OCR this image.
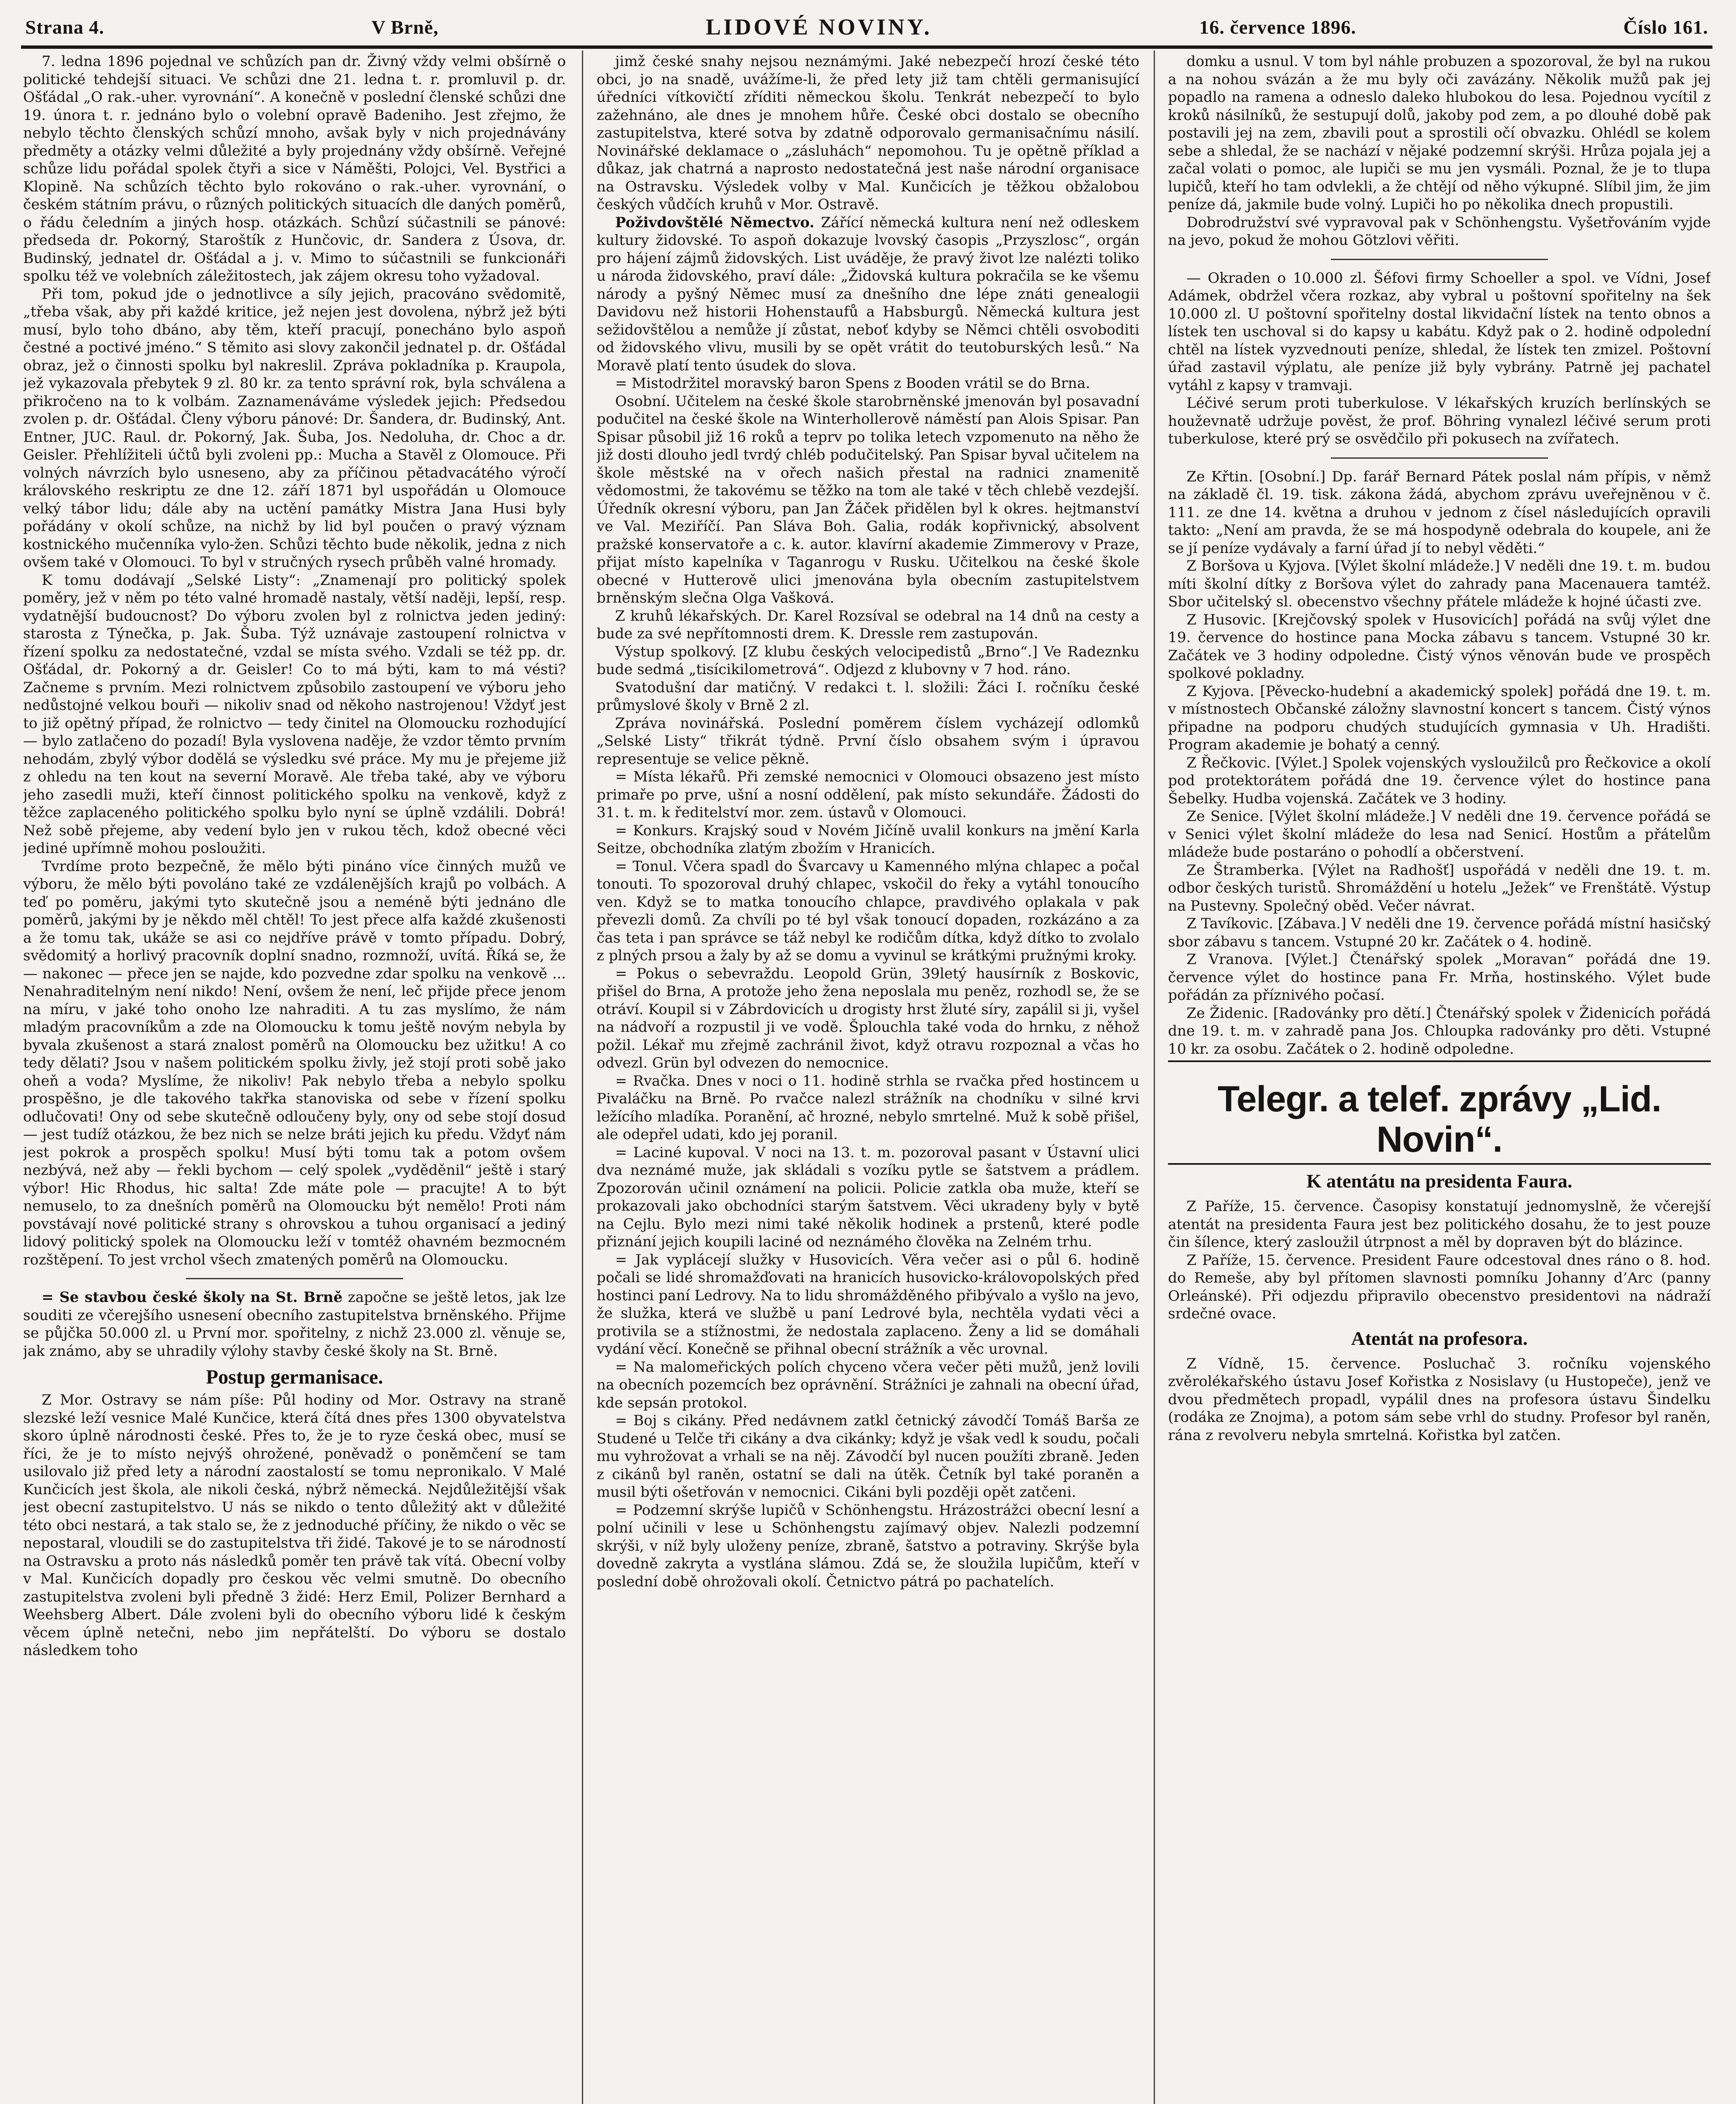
Strana 4.	V Brně,	LIDOVÉ NOVINY.	16. července 1896.	Číslo 161.

7. ledna 1896 pojednal ve schůzích pan dr. Živný vždy velmi obšírně o politické tehdejší situaci. Ve schůzi dne 21. ledna t. r. promluvil p. dr. Ošťádal „O rak.-uher. vyrovnání“. A konečně v poslední členské schůzi dne 19. února t. r. jednáno bylo o volební opravě Badeniho. Jest zřejmo, že nebylo těchto členských schůzí mnoho, avšak byly v nich projednávány předměty a otázky velmi důležité a byly projednány vždy obšírně. Veřejné schůze lidu pořádal spolek čtyři a sice v Náměšti, Polojci, Vel. Bystřici a Klopině. Na schůzích těchto bylo rokováno o rak.-uher. vyrovnání, o českém státním právu, o různých politických situacích dle daných poměrů, o řádu čeledním a jiných hosp. otázkách. Schůzí súčastnili se pánové: předseda dr. Pokorný, Staroštík z Hunčovic, dr. Sandera z Úsova, dr. Budinský, jednatel dr. Ošťádal a j. v. Mimo to súčastnili se funkcionáři spolku též ve volebních záležitostech, jak zájem okresu toho vyžadoval.

Při tom, pokud jde o jednotlivce a síly jejich, pracováno svědomitě, „třeba však, aby při každé kritice, jež nejen jest dovolena, nýbrž jež býti musí, bylo toho dbáno, aby těm, kteří pracují, ponecháno bylo aspoň čestné a poctivé jméno.“ S těmito asi slovy zakončil jednatel p. dr. Ošťádal obraz, jež o činnosti spolku byl nakreslil. Zpráva pokladníka p. Kraupola, jež vykazovala přebytek 9 zl. 80 kr. za tento správní rok, byla schválena a přikročeno na to k volbám. Zaznamenáváme výsledek jejich: Předsedou zvolen p. dr. Ošťádal. Členy výboru pánové: Dr. Šandera, dr. Budinský, Ant. Entner, JUC. Raul. dr. Pokorný, Jak. Šuba, Jos. Nedoluha, dr. Choc a dr. Geisler. Přehlížiteli účtů byli zvoleni pp.: Mucha a Stavěl z Olomouce. Při volných návrzích bylo usneseno, aby za příčinou pětadvacátého výročí královského reskriptu ze dne 12. září 1871 byl uspořádán u Olomouce velký tábor lidu; dále aby na uctění památky Mistra Jana Husi byly pořádány v okolí schůze, na nichž by lid byl poučen o pravý význam kostnického mučenníka vylo-žen. Schůzi těchto bude několik, jedna z nich ovšem také v Olomouci. To byl v stručných rysech průběh valné hromady.

K tomu dodávají „Selské Listy“: „Znamenají pro politický spolek poměry, jež v něm po této valné hromadě nastaly, větší naději, lepší, resp. vydatnější budoucnost? Do výboru zvolen byl z rolnictva jeden jediný: starosta z Týnečka, p. Jak. Šuba. Týž uznávaje zastoupení rolnictva v řízení spolku za nedostatečné, vzdal se místa svého. Vzdali se též pp. dr. Ošťádal, dr. Pokorný a dr. Geisler! Co to má býti, kam to má vésti? Začneme s prvním. Mezi rolnictvem způsobilo zastoupení ve výboru jeho nedůstojné velkou bouři — nikoliv snad od někoho nastrojenou! Vždyť jest to již opětný případ, že rolnictvo — tedy činitel na Olomoucku rozhodující — bylo zatlačeno do pozadí! Byla vyslovena naděje, že vzdor těmto prvním nehodám, zbylý výbor dodělá se výsledku své práce. My mu je přejeme již z ohledu na ten kout na severní Moravě. Ale třeba také, aby ve výboru jeho zasedli muži, kteří činnost politického spolku na venkově, když z těžce zaplaceného politického spolku bylo nyní se úplně vzdálili. Dobrá! Než sobě přejeme, aby vedení bylo jen v rukou těch, kdož obecné věci jediné upřímně mohou posloužiti.

Tvrdíme proto bezpečně, že mělo býti pináno více činných mužů ve výboru, že mělo býti povoláno také ze vzdálenějších krajů po volbách. A teď po poměru, jakými tyto skutečně jsou a neméně býti jednáno dle poměrů, jakými by je někdo měl chtěl! To jest přece alfa každé zkušenosti a že tomu tak, ukáže se asi co nejdříve právě v tomto případu. Dobrý, svědomitý a horlivý pracovník doplní snadno, rozmnoží, uvítá. Říká se, že — nakonec — přece jen se najde, kdo pozvedne zdar spolku na venkově ... Nenahraditelným není nikdo! Není, ovšem že není, leč přijde přece jenom na míru, v jaké toho onoho lze nahraditi. A tu zas myslímo, že nám mladým pracovníkům a zde na Olomoucku k tomu ještě novým nebyla by byvala zkušenost a stará znalost poměrů na Olomoucku bez užitku! A co tedy dělati? Jsou v našem politickém spolku živly, jež stojí proti sobě jako oheň a voda? Myslíme, že nikoliv! Pak nebylo třeba a nebylo spolku prospěšno, je dle takového takřka stanoviska od sebe v řízení spolku odlučovati! Ony od sebe skutečně odloučeny byly, ony od sebe stojí dosud — jest tudíž otázkou, že bez nich se nelze bráti jejich ku předu. Vždyť nám jest pokrok a prospěch spolku! Musí býti tomu tak a potom ovšem nezbývá, než aby — řekli bychom — celý spolek „vyděděnil“ ještě i starý výbor! Hic Rhodus, hic salta! Zde máte pole — pracujte! A to být nemuselo, to za dnešních poměrů na Olomoucku být nemělo! Proti nám povstávají nové politické strany s ohrovskou a tuhou organisací a jediný lidový politický spolek na Olomoucku leží v tomtéž ohavném bezmocném rozštěpení. To jest vrchol všech zmatených poměrů na Olomoucku.

= Se stavbou české školy na St. Brně započne se ještě letos, jak lze souditi ze včerejšího usnesení obecního zastupitelstva brněnského. Přijme se půjčka 50.000 zl. u První mor. spořitelny, z nichž 23.000 zl. věnuje se, jak známo, aby se uhradily výlohy stavby české školy na St. Brně.

Postup germanisace.

Z Mor. Ostravy se nám píše: Půl hodiny od Mor. Ostravy na straně slezské leží vesnice Malé Kunčice, která čítá dnes přes 1300 obyvatelstva skoro úplně národnosti české. Přes to, že je to ryze česká obec, musí se říci, že je to místo nejvýš ohrožené, poněvadž o poněmčení se tam usilovalo již před lety a národní zaostalostí se tomu nepronikalo. V Malé Kunčicích jest škola, ale nikoli česká, nýbrž německá. Nejdůležitější však jest obecní zastupitelstvo. U nás se nikdo o tento důležitý akt v důležité této obci nestará, a tak stalo se, že z jednoduché příčiny, že nikdo o věc se nepostaral, vloudili se do zastupitelstva tři židé. Takové je to se národností na Ostravsku a proto nás následků poměr ten právě tak vítá. Obecní volby v Mal. Kunčicích dopadly pro českou věc velmi smutně. Do obecního zastupitelstva zvoleni byli předně 3 židé: Herz Emil, Polizer Bernhard a Weehsberg Albert. Dále zvoleni byli do obecního výboru lidé k českým věcem úplně netečni, nebo jim nepřátelští. Do výboru se dostalo následkem toho

jimž české snahy nejsou neznámými. Jaké nebezpečí hrozí české této obci, jo na snadě, uvážíme-li, že před lety již tam chtěli germanisující úředníci vítkovičtí zříditi německou školu. Tenkrát nebezpečí to bylo zažehnáno, ale dnes je mnohem hůře. České obci dostalo se obecního zastupitelstva, které sotva by zdatně odporovalo germanisačnímu násilí. Novinářské deklamace o „zásluhách“ nepomohou. Tu je opětně příklad a důkaz, jak chatrná a naprosto nedostatečná jest naše národní organisace na Ostravsku. Výsledek volby v Mal. Kunčicích je těžkou obžalobou českých vůdčích kruhů v Mor. Ostravě.

Poživdovštělé Němectvo. Zářící německá kultura není než odleskem kultury židovské. To aspoň dokazuje lvovský časopis „Przyszlosc“, orgán pro hájení zájmů židovských. List uváděje, že pravý život lze nalézti toliko u národa židovského, praví dále: „Židovská kultura pokračila se ke všemu národy a pyšný Němec musí za dnešního dne lépe znáti genealogii Davidovu než historii Hohenstaufů a Habsburgů. Německá kultura jest sežidovštělou a nemůže jí zůstat, neboť kdyby se Němci chtěli osvoboditi od židovského vlivu, musili by se opět vrátit do teutoburských lesů.“ Na Moravě platí tento úsudek do slova.

= Mistodržitel moravský baron Spens z Booden vrátil se do Brna.

Osobní. Učitelem na české škole starobrněnské jmenován byl posavadní podučitel na české škole na Winterhollerově náměstí pan Alois Spisar. Pan Spisar působil již 16 roků a teprv po tolika letech vzpomenuto na něho že již dosti dlouho jedl tvrdý chléb podučitelský. Pan Spisar byval učitelem na škole městské na v ořech našich přestal na radnici znamenitě vědomostmi, že takovému se těžko na tom ale také v těch chlebě vezdejší. Úředník okresní výboru, pan Jan Žáček přidělen byl k okres. hejtmanství ve Val. Meziříčí. Pan Sláva Boh. Galia, rodák kopřivnický, absolvent pražské konservatoře a c. k. autor. klavírní akademie Zimmerovy v Praze, přijat místo kapelníka v Taganrogu v Rusku. Učitelkou na české škole obecné v Hutterově ulici jmenována byla obecním zastupitelstvem brněnským slečna Olga Vašková.

Z kruhů lékařských. Dr. Karel Rozsíval se odebral na 14 dnů na cesty a bude za své nepřítomnosti drem. K. Dressle rem zastupován.

Výstup spolkový. [Z klubu českých velocipedistů „Brno“.] Ve Radeznku bude sedmá „tisícikilometrová“. Odjezd z klubovny v 7 hod. ráno.

Svatodušní dar matičný. V redakci t. l. složili: Žáci I. ročníku české průmyslové školy v Brně 2 zl.

Zpráva novinářská. Poslední poměrem číslem vycházejí odlomků „Selské Listy“ třikrát týdně. První číslo obsahem svým i úpravou representuje se velice pěkně.

= Místa lékařů. Při zemské nemocnici v Olomouci obsazeno jest místo primaře po prve, ušní a nosní oddělení, pak místo sekundáře. Žádosti do 31. t. m. k ředitelství mor. zem. ústavů v Olomouci.

= Konkurs. Krajský soud v Novém Jičíně uvalil konkurs na jmění Karla Seitze, obchodníka zlatým zbožím v Hranicích.

= Tonul. Včera spadl do Švarcavy u Kamenného mlýna chlapec a počal tonouti. To spozoroval druhý chlapec, vskočil do řeky a vytáhl tonoucího ven. Když se to matka tonoucího chlapce, pravdivého oplakala v pak převezli domů. Za chvíli po té byl však tonoucí dopaden, rozkázáno a za čas teta i pan správce se táž nebyl ke rodičům dítka, když dítko to zvolalo z plných prsou a žaly by až se domu a vyvinul se krátkými pružnými kroky.

= Pokus o sebevraždu. Leopold Grün, 39letý hausírník z Boskovic, přišel do Brna, A protože jeho žena neposlala mu peněz, rozhodl se, že se otráví. Koupil si v Zábrdovicích u drogisty hrst žluté síry, zapálil si ji, vyšel na nádvoří a rozpustil ji ve vodě. Šplouchla také voda do hrnku, z něhož požil. Lékař mu zřejmě zachránil život, když otravu rozpoznal a včas ho odvezl. Grün byl odvezen do nemocnice.

= Rvačka. Dnes v noci o 11. hodině strhla se rvačka před hostincem u Pivaláčku na Brně. Po rvačce nalezl strážník na chodníku v silné krvi ležícího mladíka. Poranění, ač hrozné, nebylo smrtelné. Muž k sobě přišel, ale odepřel udati, kdo jej poranil.

= Laciné kupoval. V noci na 13. t. m. pozoroval pasant v Ústavní ulici dva neznámé muže, jak skládali s vozíku pytle se šatstvem a prádlem. Zpozorován učinil oznámení na policii. Policie zatkla oba muže, kteří se prokazovali jako obchodníci starým šatstvem. Věci ukradeny byly v bytě na Cejlu. Bylo mezi nimi také několik hodinek a prstenů, které podle přiznání jejich koupili laciné od neznámého člověka na Zelném trhu.

= Jak vyplácejí služky v Husovicích. Věra večer asi o půl 6. hodině počali se lidé shromažďovati na hranicích husovicko-královopolských před hostinci paní Ledrovy. Na to lidu shromážděného přibývalo a vyšlo na jevo, že služka, která ve službě u paní Ledrové byla, nechtěla vydati věci a protivila se a stížnostmi, že nedostala zaplaceno. Ženy a lid se domáhali vydání věcí. Konečně se přihnal obecní strážník a věc urovnal.

= Na malomeřických polích chyceno včera večer pěti mužů, jenž lovili na obecních pozemcích bez oprávnění. Strážníci je zahnali na obecní úřad, kde sepsán protokol.

= Boj s cikány. Před nedávnem zatkl četnický závodčí Tomáš Barša ze Studené u Telče tři cikány a dva cikánky; když je však vedl k soudu, počali mu vyhrožovat a vrhali se na něj. Závodčí byl nucen použíti zbraně. Jeden z cikánů byl raněn, ostatní se dali na útěk. Četník byl také poraněn a musil býti ošetřován v nemocnici. Cikáni byli později opět zatčeni.

= Podzemní skrýše lupičů v Schönhengstu. Hrázostrážci obecní lesní a polní učinili v lese u Schönhengstu zajímavý objev. Nalezli podzemní skrýši, v níž byly uloženy peníze, zbraně, šatstvo a potraviny. Skrýše byla dovedně zakryta a vystlána slámou. Zdá se, že sloužila lupičům, kteří v poslední době ohrožovali okolí. Četnictvo pátrá po pachatelích.

domku a usnul. V tom byl náhle probuzen a spozoroval, že byl na rukou a na nohou svázán a že mu byly oči zavázány. Několik mužů pak jej popadlo na ramena a odneslo daleko hlubokou do lesa. Pojednou vycítil z kroků násilníků, že sestupují dolů, jakoby pod zem, a po dlouhé době pak postavili jej na zem, zbavili pout a sprostili očí obvazku. Ohlédl se kolem sebe a shledal, že se nachází v nějaké podzemní skrýši. Hrůza pojala jej a začal volati o pomoc, ale lupiči se mu jen vysmáli. Poznal, že je to tlupa lupičů, kteří ho tam odvlekli, a že chtějí od něho výkupné. Slíbil jim, že jim peníze dá, jakmile bude volný. Lupiči ho po několika dnech propustili.

Dobrodružství své vypravoval pak v Schönhengstu. Vyšetřováním vyjde na jevo, pokud že mohou Götzlovi věřiti.

— Okraden o 10.000 zl. Šéfovi firmy Schoeller a spol. ve Vídni, Josef Adámek, obdržel včera rozkaz, aby vybral u poštovní spořitelny na šek 10.000 zl. U poštovní spořitelny dostal likvidační lístek na tento obnos a lístek ten uschoval si do kapsy u kabátu. Když pak o 2. hodině odpolední chtěl na lístek vyzvednouti peníze, shledal, že lístek ten zmizel. Poštovní úřad zastavil výplatu, ale peníze již byly vybrány. Patrně jej pachatel vytáhl z kapsy v tramvaji.

Léčivé serum proti tuberkulose. V lékařských kruzích berlínských se houževnatě udržuje pověst, že prof. Böhring vynalezl léčivé serum proti tuberkulose, které prý se osvědčilo při pokusech na zvířatech.

Ze Křtin. [Osobní.] Dp. farář Bernard Pátek poslal nám přípis, v němž na základě čl. 19. tisk. zákona žádá, abychom zprávu uveřejněnou v č. 111. ze dne 14. května a druhou v jednom z čísel následujících opravili takto: „Není am pravda, že se má hospodyně odebrala do koupele, ani že se jí peníze vydávaly a farní úřad jí to nebyl věděti.“

Z Boršova u Kyjova. [Výlet školní mládeže.] V neděli dne 19. t. m. budou míti školní dítky z Boršova výlet do zahrady pana Macenauera tamtéž. Sbor učitelský sl. obecenstvo všechny přátele mládeže k hojné účasti zve.

Z Husovic. [Krejčovský spolek v Husovicích] pořádá na svůj výlet dne 19. července do hostince pana Mocka zábavu s tancem. Vstupné 30 kr. Začátek ve 3 hodiny odpoledne. Čistý výnos věnován bude ve prospěch spolkové pokladny.

Z Kyjova. [Pěvecko-hudební a akademický spolek] pořádá dne 19. t. m. v místnostech Občanské záložny slavnostní koncert s tancem. Čistý výnos připadne na podporu chudých studujících gymnasia v Uh. Hradišti. Program akademie je bohatý a cenný.

Z Řečkovic. [Výlet.] Spolek vojenských vysloužilců pro Řečkovice a okolí pod protektorátem pořádá dne 19. července výlet do hostince pana Šebelky. Hudba vojenská. Začátek ve 3 hodiny.

Ze Senice. [Výlet školní mládeže.] V neděli dne 19. července pořádá se v Senici výlet školní mládeže do lesa nad Senicí. Hostům a přátelům mládeže bude postaráno o pohodlí a občerstvení.

Ze Štramberka. [Výlet na Radhošť] uspořádá v neděli dne 19. t. m. odbor českých turistů. Shromáždění u hotelu „Ježek“ ve Frenštátě. Výstup na Pustevny. Společný oběd. Večer návrat.

Z Tavíkovic. [Zábava.] V neděli dne 19. července pořádá místní hasičský sbor zábavu s tancem. Vstupné 20 kr. Začátek o 4. hodině.

Z Vranova. [Výlet.] Čtenářský spolek „Moravan“ pořádá dne 19. července výlet do hostince pana Fr. Mrňa, hostinského. Výlet bude pořádán za příznivého počasí.

Ze Židenic. [Radovánky pro dětí.] Čtenářský spolek v Židenicích pořádá dne 19. t. m. v zahradě pana Jos. Chloupka radovánky pro děti. Vstupné 10 kr. za osobu. Začátek o 2. hodině odpoledne.

Telegr. a telef. zprávy „Lid. Novin“.
K atentátu na presidenta Faura.

Z Paříže, 15. července. Časopisy konstatují jednomyslně, že včerejší atentát na presidenta Faura jest bez politického dosahu, že to jest pouze čin šílence, který zasloužil útrpnost a měl by dopraven být do blázince.

Z Paříže, 15. července. President Faure odcestoval dnes ráno o 8. hod. do Remeše, aby byl přítomen slavnosti pomníku Johanny d’Arc (panny Orleánské). Při odjezdu připravilo obecenstvo presidentovi na nádraží srdečné ovace.

Atentát na profesora.

Z Vídně, 15. července. Posluchač 3. ročníku vojenského zvěrolékařského ústavu Josef Kořistka z Nosislavy (u Hustopeče), jenž ve dvou předmětech propadl, vypálil dnes na profesora ústavu Šindelku (rodáka ze Znojma), a potom sám sebe vrhl do studny. Profesor byl raněn, rána z revolveru nebyla smrtelná. Kořistka byl zatčen.
